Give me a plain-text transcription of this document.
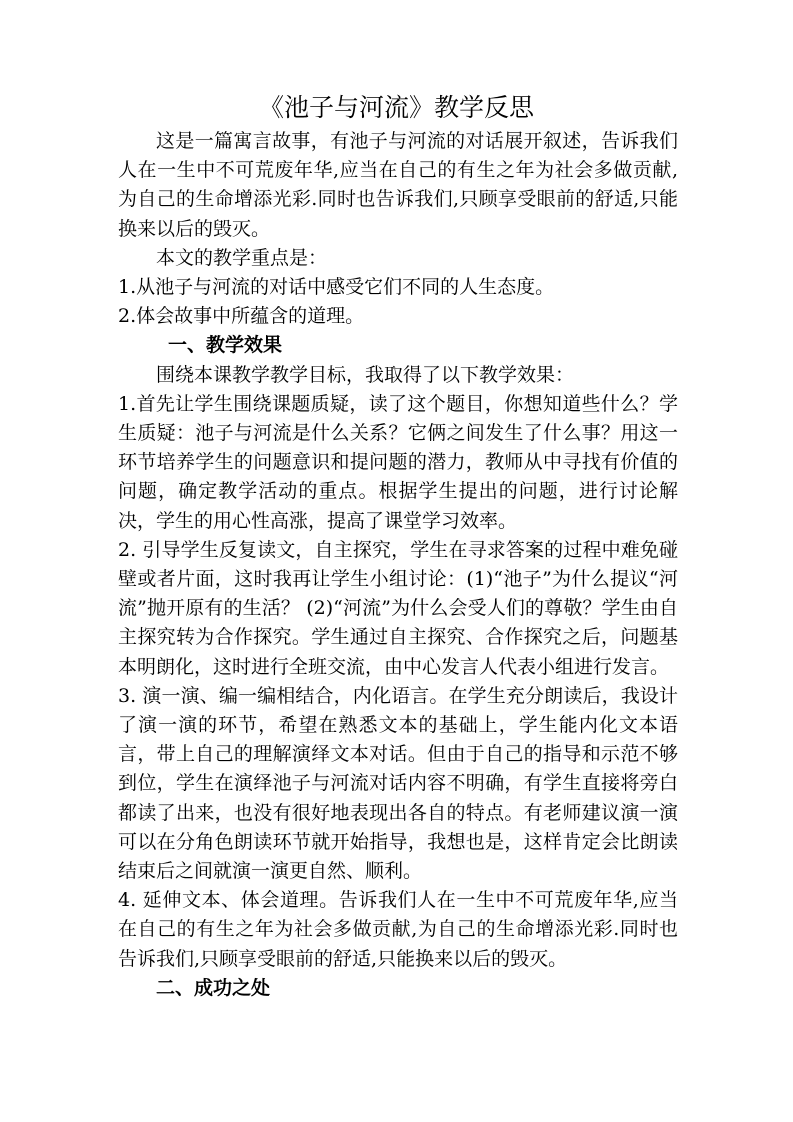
《池子与河流》教学反思

这是一篇寓言故事，有池子与河流的对话展开叙述，告诉我们人在一生中不可荒废年华,应当在自己的有生之年为社会多做贡献,为自己的生命增添光彩.同时也告诉我们,只顾享受眼前的舒适,只能换来以后的毁灭。

本文的教学重点是：

1.从池子与河流的对话中感受它们不同的人生态度。

2.体会故事中所蕴含的道理。

一、教学效果

围绕本课教学教学目标，我取得了以下教学效果：

1.首先让学生围绕课题质疑，读了这个题目，你想知道些什么？学生质疑：池子与河流是什么关系？它俩之间发生了什么事？用这一环节培养学生的问题意识和提问题的潜力，教师从中寻找有价值的问题，确定教学活动的重点。根据学生提出的问题，进行讨论解决，学生的用心性高涨，提高了课堂学习效率。

2. 引导学生反复读文，自主探究，学生在寻求答案的过程中难免碰壁或者片面，这时我再让学生小组讨论：(1)“池子”为什么提议“河流”抛开原有的生活？ (2)“河流”为什么会受人们的尊敬？学生由自主探究转为合作探究。学生通过自主探究、合作探究之后，问题基本明朗化，这时进行全班交流，由中心发言人代表小组进行发言。

3. 演一演、编一编相结合，内化语言。在学生充分朗读后，我设计了演一演的环节，希望在熟悉文本的基础上，学生能内化文本语言，带上自己的理解演绎文本对话。但由于自己的指导和示范不够到位，学生在演绎池子与河流对话内容不明确，有学生直接将旁白都读了出来，也没有很好地表现出各自的特点。有老师建议演一演可以在分角色朗读环节就开始指导，我想也是，这样肯定会比朗读结束后之间就演一演更自然、顺利。

4. 延伸文本、体会道理。告诉我们人在一生中不可荒废年华,应当在自己的有生之年为社会多做贡献,为自己的生命增添光彩.同时也告诉我们,只顾享受眼前的舒适,只能换来以后的毁灭。

二、成功之处
